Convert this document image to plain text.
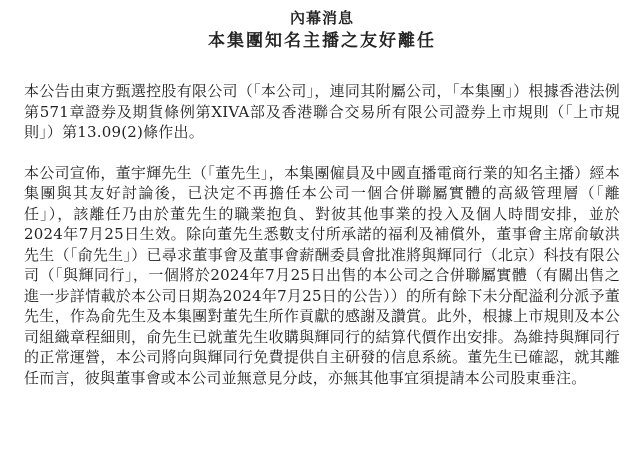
內幕消息
本集團知名主播之友好離任

本公告由東方甄選控股有限公司（「本公司」，連同其附屬公司，「本集團」）根據香港法例第571章證券及期貨條例第XIVA部及香港聯合交易所有限公司證券上市規則（「上市規則」）第13.09(2)條作出。

本公司宣佈，董宇輝先生（「董先生」，本集團僱員及中國直播電商行業的知名主播）經本集團與其友好討論後，已決定不再擔任本公司一個合併聯屬實體的高級管理層（「離任」），該離任乃由於董先生的職業抱負、對彼其他事業的投入及個人時間安排，並於2024年7月25日生效。除向董先生悉數支付所承諾的福利及補償外，董事會主席俞敏洪先生（「俞先生」）已尋求董事會及董事會薪酬委員會批准將與輝同行（北京）科技有限公司（「與輝同行」，一個將於2024年7月25日出售的本公司之合併聯屬實體（有關出售之進一步詳情載於本公司日期為2024年7月25日的公告））的所有餘下未分配溢利分派予董先生，作為俞先生及本集團對董先生所作貢獻的感謝及讚賞。此外，根據上市規則及本公司組織章程細則，俞先生已就董先生收購與輝同行的結算代價作出安排。為維持與輝同行的正常運營，本公司將向與輝同行免費提供自主研發的信息系統。董先生已確認，就其離任而言，彼與董事會或本公司並無意見分歧，亦無其他事宜須提請本公司股東垂注。
